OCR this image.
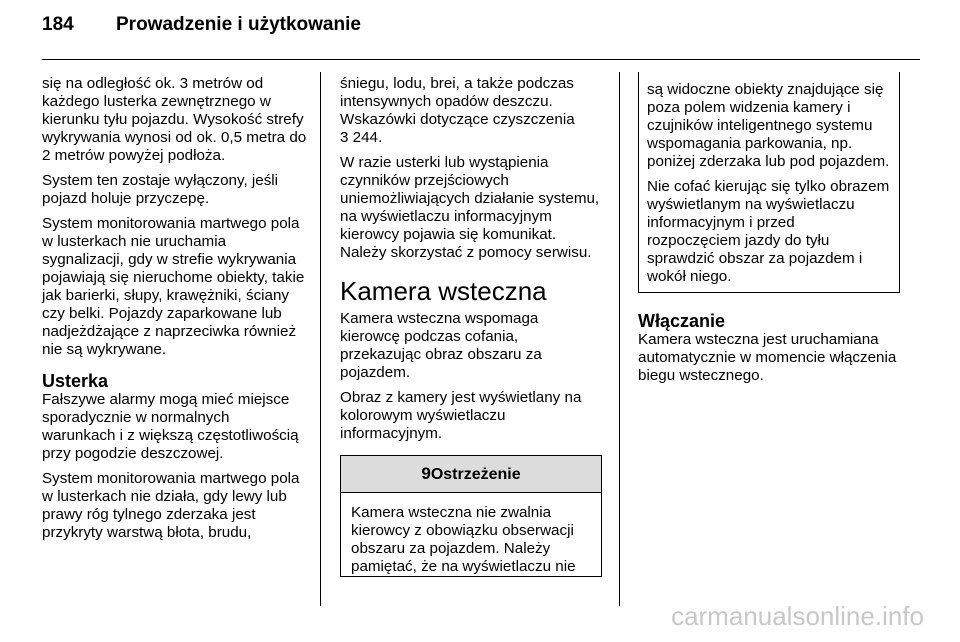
184 Prowadzenie i użytkowanie

się na odległość ok. 3 metrów od każdego lusterka zewnętrznego w kierunku tyłu pojazdu. Wysokość strefy wykrywania wynosi od ok. 0,5 metra do 2 metrów powyżej podłoża.

System ten zostaje wyłączony, jeśli pojazd holuje przyczepę.

System monitorowania martwego pola w lusterkach nie uruchamia sygnalizacji, gdy w strefie wykrywania pojawiają się nieruchome obiekty, takie jak barierki, słupy, krawężniki, ściany czy belki. Pojazdy zaparkowane lub nadjeżdżające z naprzeciwka również nie są wykrywane.

Usterka

Fałszywe alarmy mogą mieć miejsce sporadycznie w normalnych warunkach i z większą częstotliwością przy pogodzie deszczowej.

System monitorowania martwego pola w lusterkach nie działa, gdy lewy lub prawy róg tylnego zderzaka jest przykryty warstwą błota, brudu,

śniegu, lodu, brei, a także podczas intensywnych opadów deszczu. Wskazówki dotyczące czyszczenia
3 244.

W razie usterki lub wystąpienia czynników przejściowych uniemożliwiających działanie systemu, na wyświetlaczu informacyjnym kierowcy pojawia się komunikat. Należy skorzystać z pomocy serwisu.

Kamera wsteczna

Kamera wsteczna wspomaga kierowcę podczas cofania, przekazując obraz obszaru za pojazdem.

Obraz z kamery jest wyświetlany na kolorowym wyświetlaczu informacyjnym.

9Ostrzeżenie
Kamera wsteczna nie zwalnia kierowcy z obowiązku obserwacji obszaru za pojazdem. Należy pamiętać, że na wyświetlaczu nie

są widoczne obiekty znajdujące się poza polem widzenia kamery i czujników inteligentnego systemu wspomagania parkowania, np. poniżej zderzaka lub pod pojazdem.

Nie cofać kierując się tylko obrazem wyświetlanym na wyświetlaczu informacyjnym i przed rozpoczęciem jazdy do tyłu sprawdzić obszar za pojazdem i wokół niego.

Włączanie

Kamera wsteczna jest uruchamiana automatycznie w momencie włączenia biegu wstecznego.

carmanualsonline.info
